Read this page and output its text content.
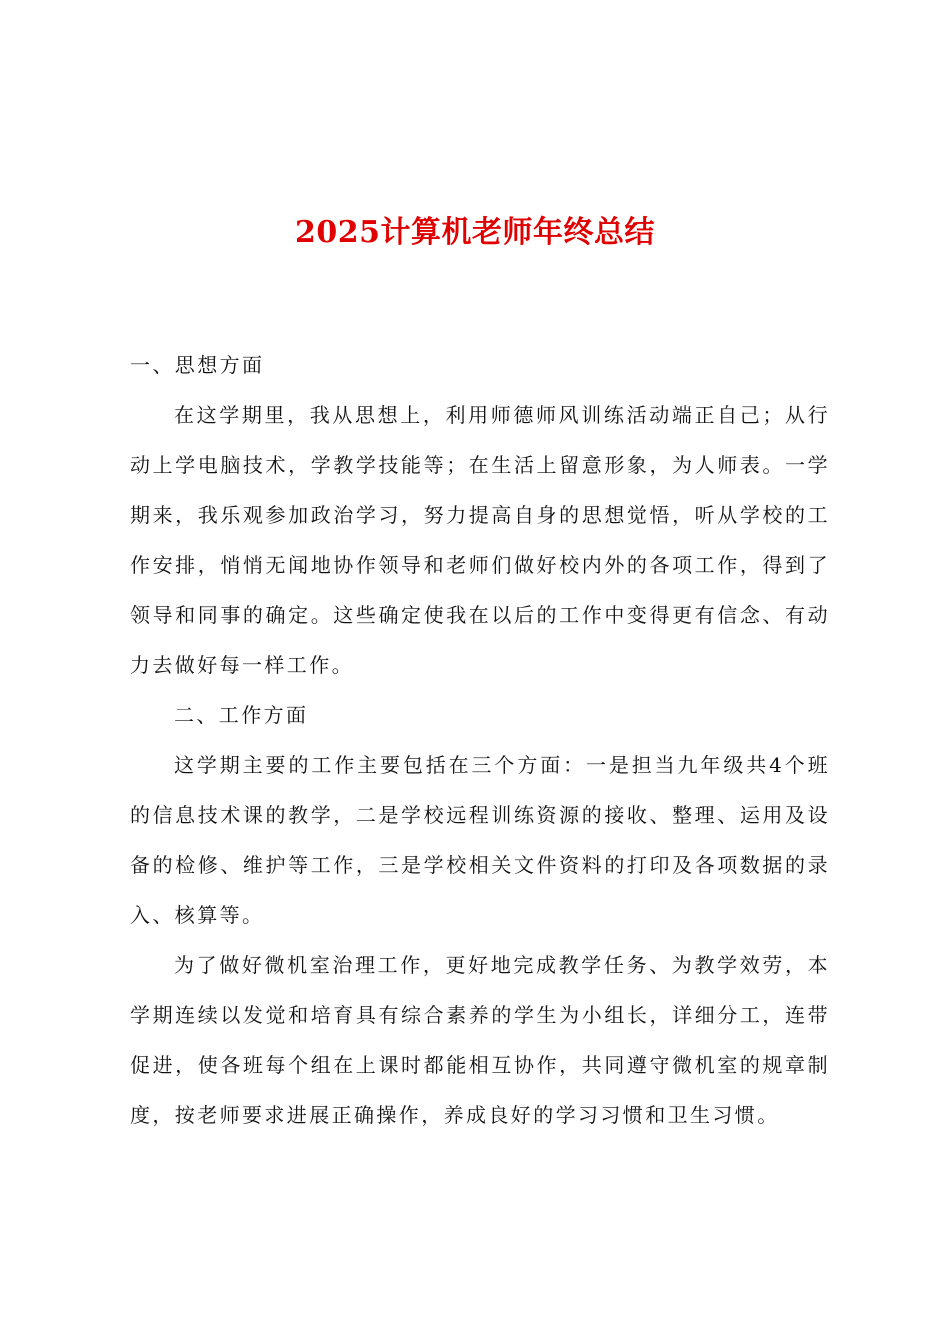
2025计算机老师年终总结

一、思想方面

在这学期里，我从思想上，利用师德师风训练活动端正自己；从行动上学电脑技术，学教学技能等；在生活上留意形象，为人师表。一学期来，我乐观参加政治学习，努力提高自身的思想觉悟，听从学校的工作安排，悄悄无闻地协作领导和老师们做好校内外的各项工作，得到了领导和同事的确定。这些确定使我在以后的工作中变得更有信念、有动力去做好每一样工作。

二、工作方面

这学期主要的工作主要包括在三个方面：一是担当九年级共4个班的信息技术课的教学，二是学校远程训练资源的接收、整理、运用及设备的检修、维护等工作，三是学校相关文件资料的打印及各项数据的录入、核算等。

为了做好微机室治理工作，更好地完成教学任务、为教学效劳，本学期连续以发觉和培育具有综合素养的学生为小组长，详细分工，连带促进，使各班每个组在上课时都能相互协作，共同遵守微机室的规章制度，按老师要求进展正确操作，养成良好的学习习惯和卫生习惯。
